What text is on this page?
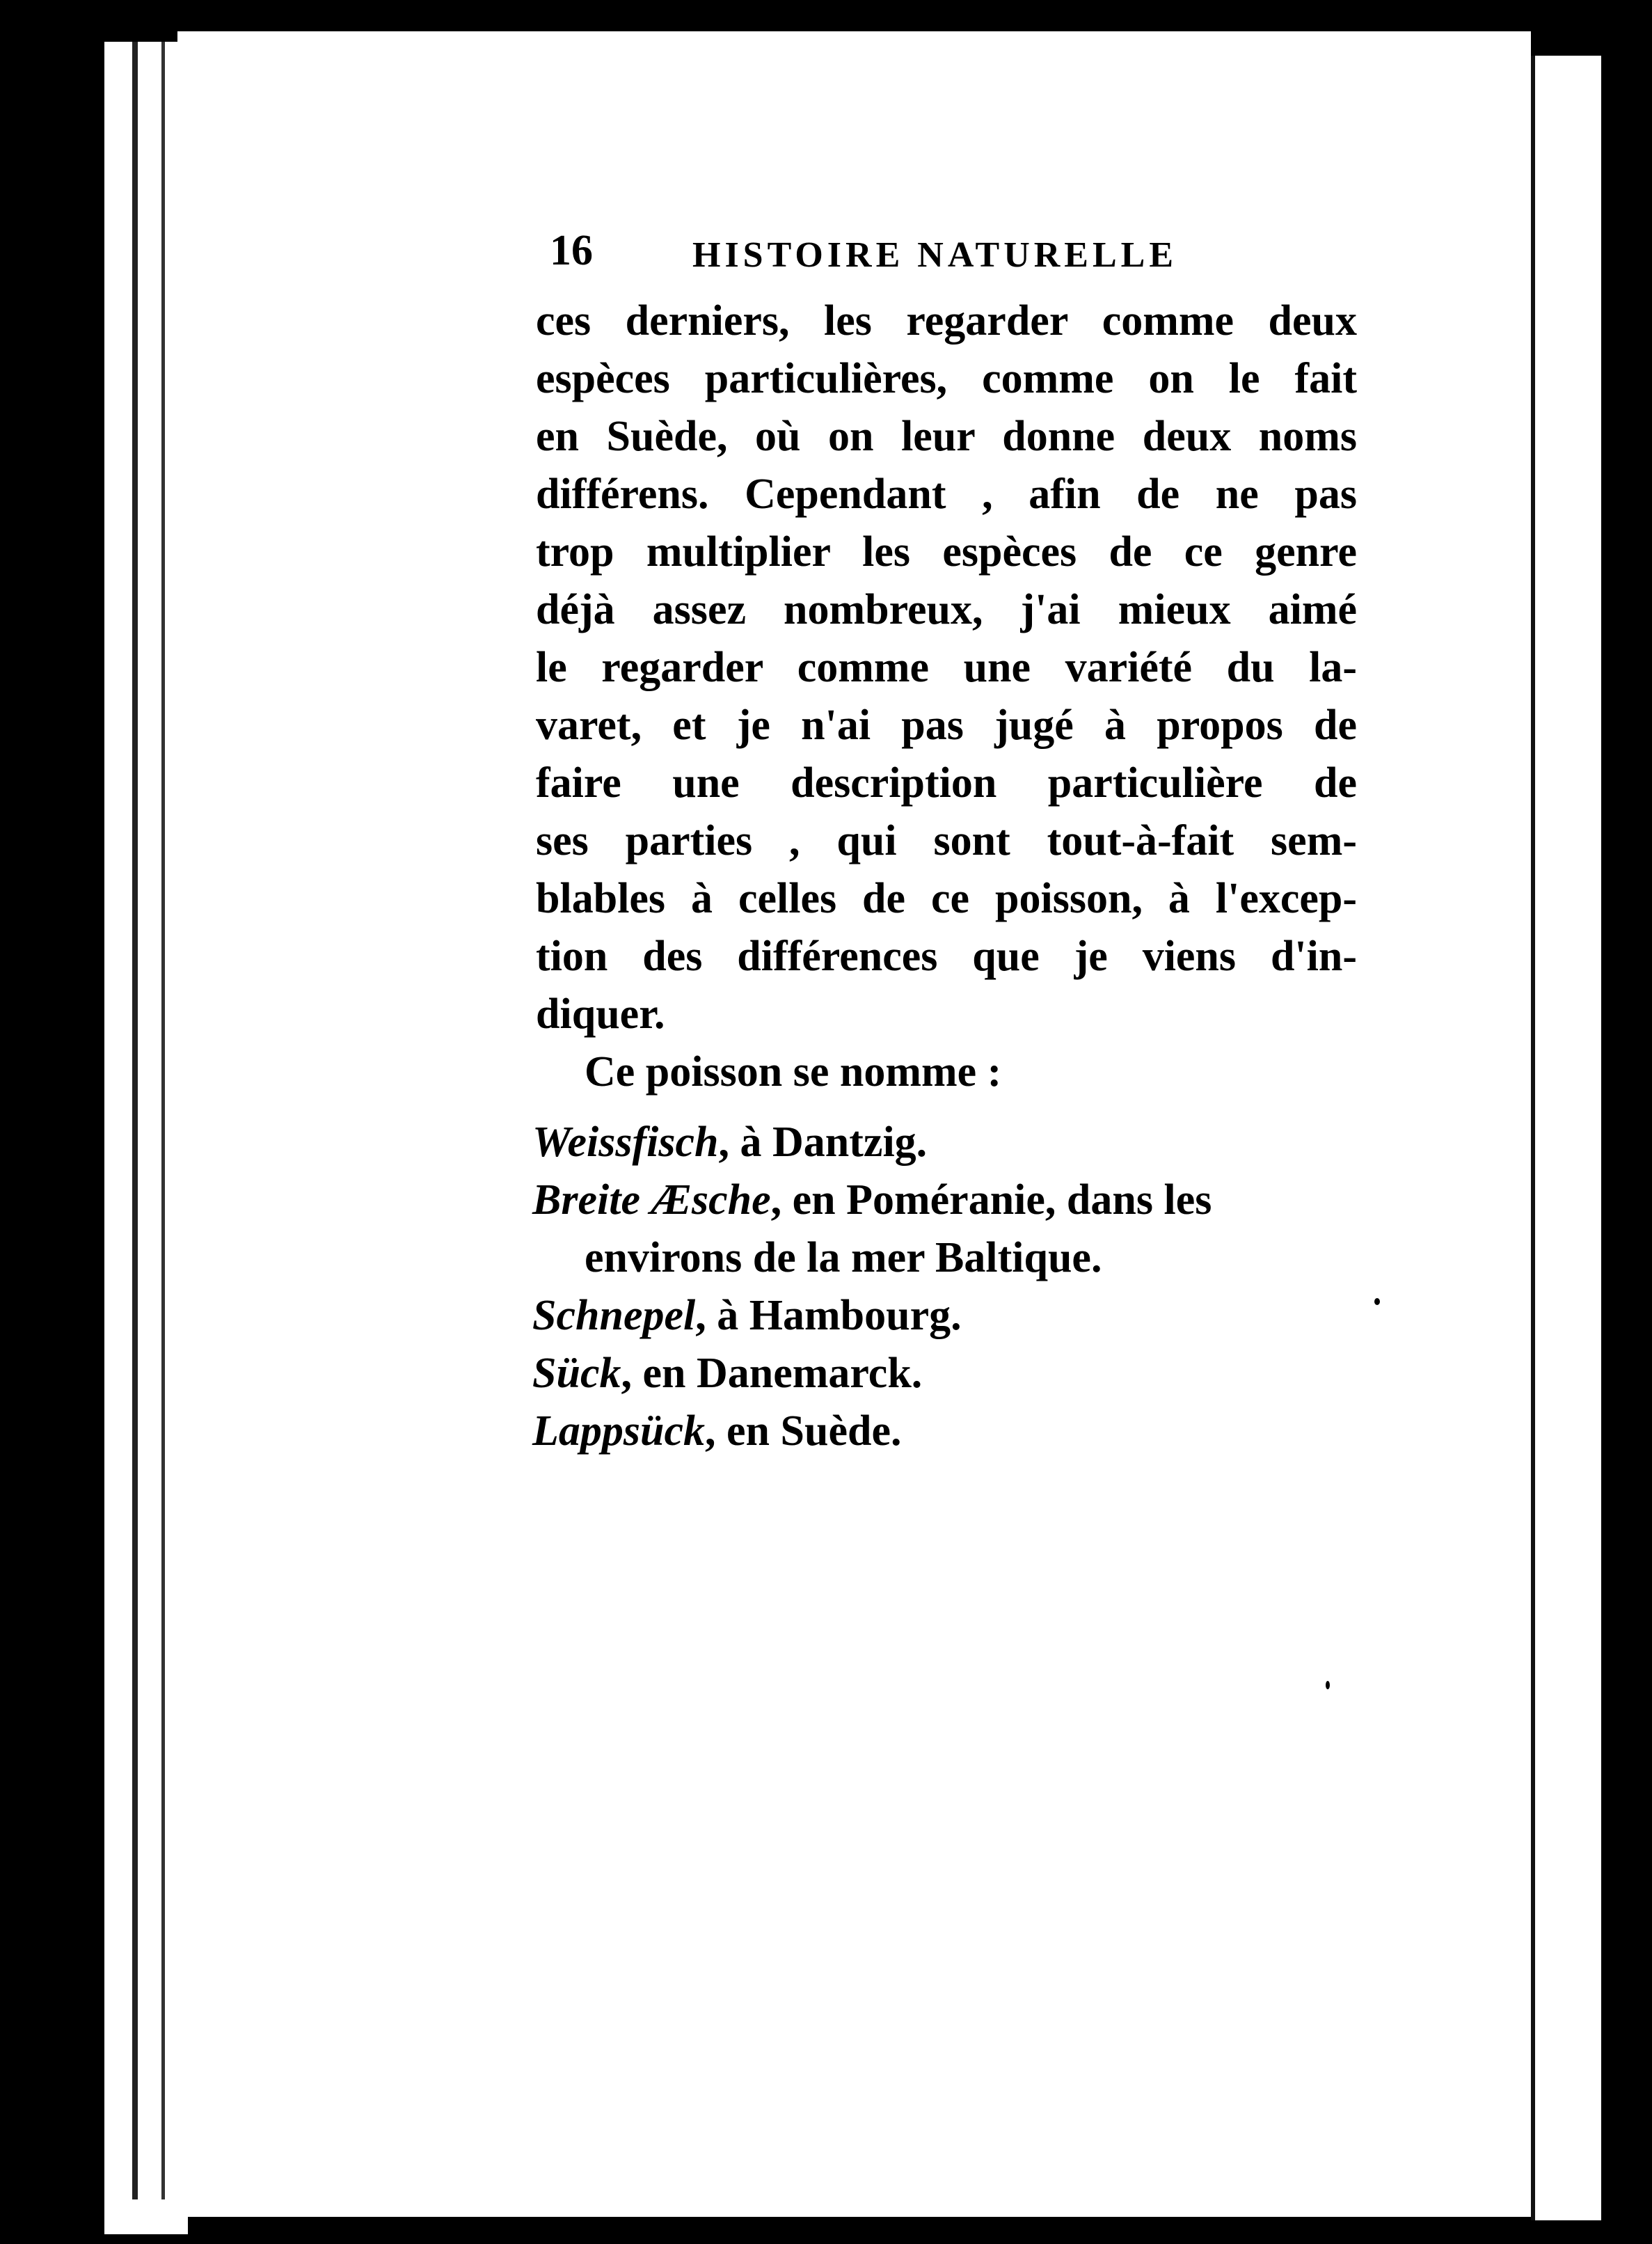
16	HISTOIRE NATURELLE
ces derniers, les regarder comme deux
espèces particulières, comme on le fait
en Suède, où on leur donne deux noms
différens. Cependant , afin de ne pas
trop multiplier les espèces de ce genre
déjà assez nombreux, j'ai mieux aimé
le regarder comme une variété du la-
varet, et je n'ai pas jugé à propos de
faire une description particulière de
ses parties , qui sont tout-à-fait sem-
blables à celles de ce poisson, à l'excep-
tion des différences que je viens d'in-
diquer.
Ce poisson se nomme :
Weissfisch, à Dantzig.
Breite Æsche, en Poméranie, dans les
environs de la mer Baltique.
Schnepel, à Hambourg.
Sück, en Danemarck.
Lappsück, en Suède.
